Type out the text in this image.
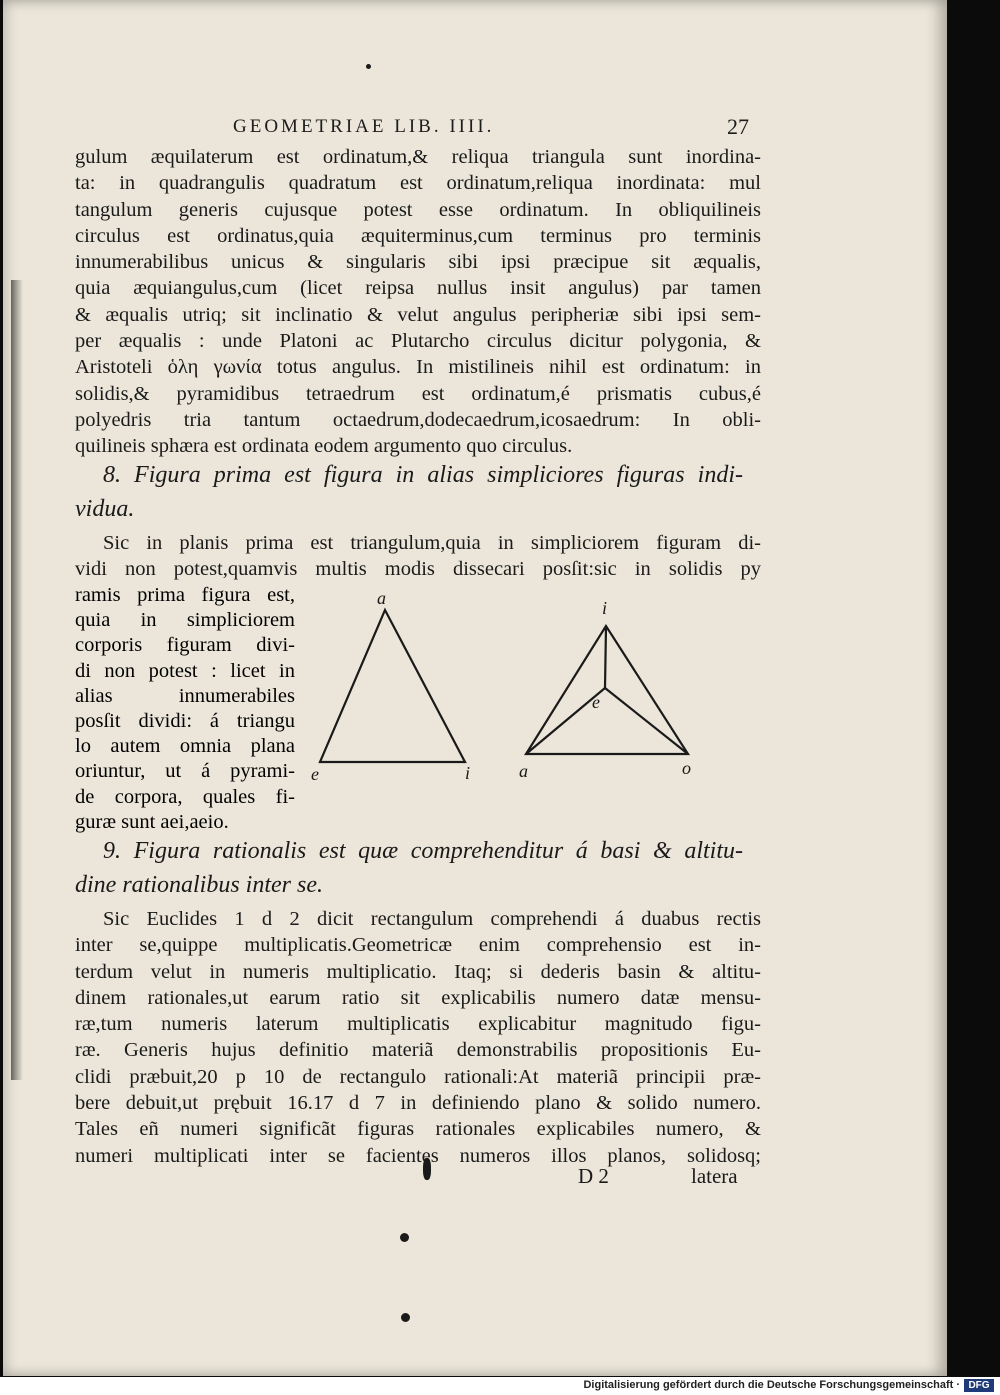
GEOMETRIAE LIB. IIII.	27
gulum æquilaterum est ordinatum,& reliqua triangula sunt inordina-
ta: in quadrangulis quadratum est ordinatum,reliqua inordinata: mul
tangulum generis cujusque potest esse ordinatum. In obliquilineis
circulus est ordinatus,quia æquiterminus,cum terminus pro terminis
innumerabilibus unicus & singularis sibi ipsi præcipue sit æqualis,
quia æquiangulus,cum (licet reipsa nullus insit angulus) par tamen
& æqualis utriq; sit inclinatio & velut angulus peripheriæ sibi ipsi sem-
per æqualis : unde Platoni ac Plutarcho circulus dicitur polygonia, &
Aristoteli ὁλη γωνία totus angulus. In mistilineis nihil est ordinatum: in
solidis,& pyramidibus tetraedrum est ordinatum,é prismatis cubus,é
polyedris tria tantum octaedrum,dodecaedrum,icosaedrum: In obli-
quilineis sphæra est ordinata eodem argumento quo circulus.
8. Figura prima est figura in alias simpliciores figuras indi-
vidua.
Sic in planis prima est triangulum,quia in simpliciorem figuram di-
vidi non potest,quamvis multis modis dissecari posſit:sic in solidis py
ramis prima figura est,
quia in simpliciorem
corporis figuram divi-
di non potest : licet in
alias innumerabiles
posſit dividi: á triangu
lo autem omnia plana
oriuntur, ut á pyrami-
de corpora, quales fi-
guræ sunt aei,aeio.
a
e	i
i
e
a	o
9. Figura rationalis est quæ comprehenditur á basi & altitu-
dine rationalibus inter se.
Sic Euclides 1 d 2 dicit rectangulum comprehendi á duabus rectis
inter se,quippe multiplicatis.Geometricæ enim comprehensio est in-
terdum velut in numeris multiplicatio. Itaq; si dederis basin & altitu-
dinem rationales,ut earum ratio sit explicabilis numero datæ mensu-
ræ,tum numeris laterum multiplicatis explicabitur magnitudo figu-
ræ. Generis hujus definitio materiã demonstrabilis propositionis Eu-
clidi præbuit,20 p 10 de rectangulo rationali:At materiã principii præ-
bere debuit,ut prębuit 16.17 d 7 in definiendo plano & solido numero.
Tales eñ numeri significãt figuras rationales explicabiles numero, &
numeri multiplicati inter se facientes numeros illos planos, solidosq;
D 2	latera
Digitalisierung gefördert durch die Deutsche Forschungsgemeinschaft · DFG
